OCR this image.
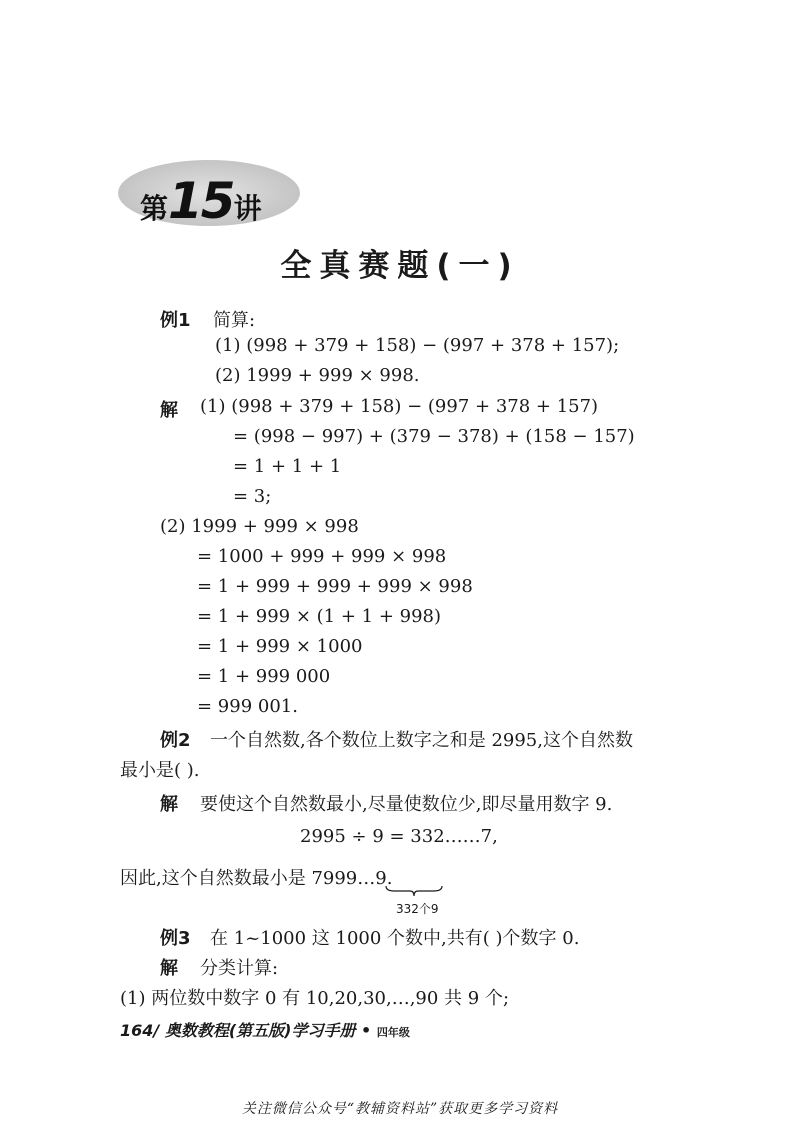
第15讲
全真赛题(一)
例1 简算:
(1) (998 + 379 + 158) − (997 + 378 + 157);
(2) 1999 + 999 × 998.
解 (1) (998 + 379 + 158) − (997 + 378 + 157)
= (998 − 997) + (379 − 378) + (158 − 157)
= 1 + 1 + 1
= 3;
(2) 1999 + 999 × 998
= 1000 + 999 + 999 × 998
= 1 + 999 + 999 + 999 × 998
= 1 + 999 × (1 + 1 + 998)
= 1 + 999 × 1000
= 1 + 999 000
= 999 001.
例2 一个自然数,各个数位上数字之和是 2995,这个自然数
最小是( ).
解 要使这个自然数最小,尽量使数位少,即尽量用数字 9.
2995 ÷ 9 = 332……7,
因此,这个自然数最小是 7999…9.
332个9
例3 在 1~1000 这 1000 个数中,共有( )个数字 0.
解 分类计算:
(1) 两位数中数字 0 有 10,20,30,…,90 共 9 个;
164/ 奥数教程(第五版)学习手册 • 四年级
关注微信公众号“教辅资料站”获取更多学习资料
